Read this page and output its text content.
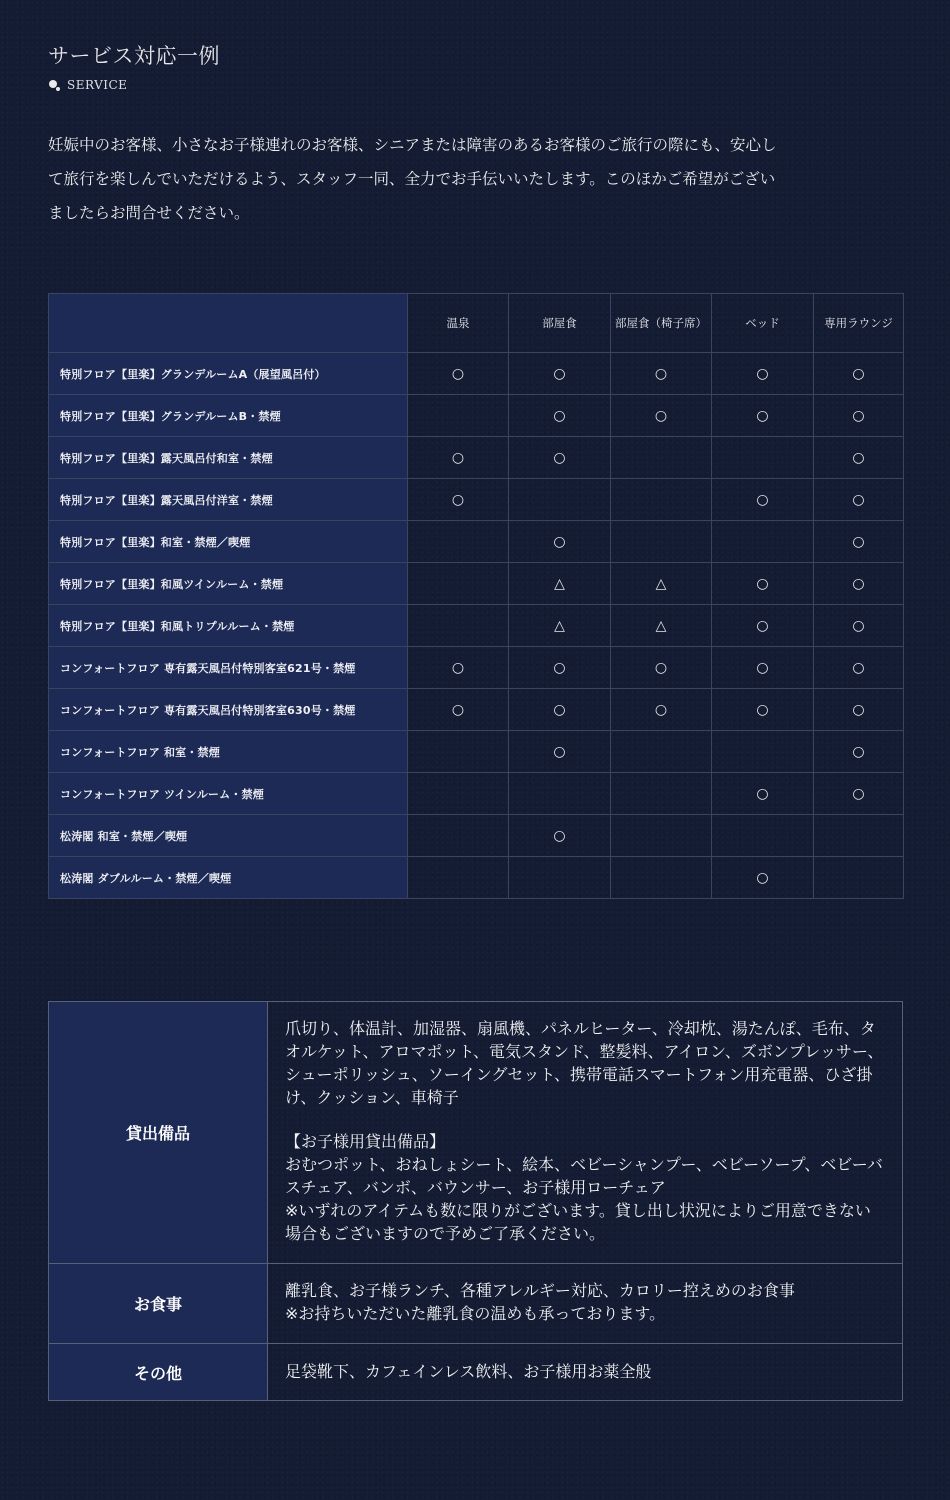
サービス対応一例
SERVICE

妊娠中のお客様、小さなお子様連れのお客様、シニアまたは障害のあるお客様のご旅行の際にも、安心し
て旅行を楽しんでいただけるよう、スタッフ一同、全力でお手伝いいたします。このほかご希望がござい
ましたらお問合せください。

	温泉	部屋食	部屋食（椅子席）	ベッド	専用ラウンジ
特別フロア【里楽】グランデルームA（展望風呂付）	○	○	○	○	○
特別フロア【里楽】グランデルームB・禁煙		○	○	○	○
特別フロア【里楽】露天風呂付和室・禁煙	○	○			○
特別フロア【里楽】露天風呂付洋室・禁煙	○			○	○
特別フロア【里楽】和室・禁煙／喫煙		○			○
特別フロア【里楽】和風ツインルーム・禁煙		△	△	○	○
特別フロア【里楽】和風トリプルルーム・禁煙		△	△	○	○
コンフォートフロア 専有露天風呂付特別客室621号・禁煙	○	○	○	○	○
コンフォートフロア 専有露天風呂付特別客室630号・禁煙	○	○	○	○	○
コンフォートフロア 和室・禁煙		○			○
コンフォートフロア ツインルーム・禁煙				○	○
松涛閣 和室・禁煙／喫煙		○			
松涛閣 ダブルルーム・禁煙／喫煙				○	
貸出備品	爪切り、体温計、加湿器、扇風機、パネルヒーター、冷却枕、湯たんぽ、毛布、タオルケット、アロマポット、電気スタンド、整髪料、アイロン、ズボンプレッサー、シューポリッシュ、ソーイングセット、携帯電話スマートフォン用充電器、ひざ掛け、クッション、車椅子

【お子様用貸出備品】

おむつポット、おねしょシート、絵本、ベビーシャンプー、ベビーソープ、ベビーバスチェア、バンボ、バウンサー、お子様用ローチェア

※いずれのアイテムも数に限りがございます。貸し出し状況によりご用意できない場合もございますので予めご了承ください。

お食事	離乳食、お子様ランチ、各種アレルギー対応、カロリー控えめのお食事

※お持ちいただいた離乳食の温めも承っております。

その他	足袋靴下、カフェインレス飲料、お子様用お薬全般
